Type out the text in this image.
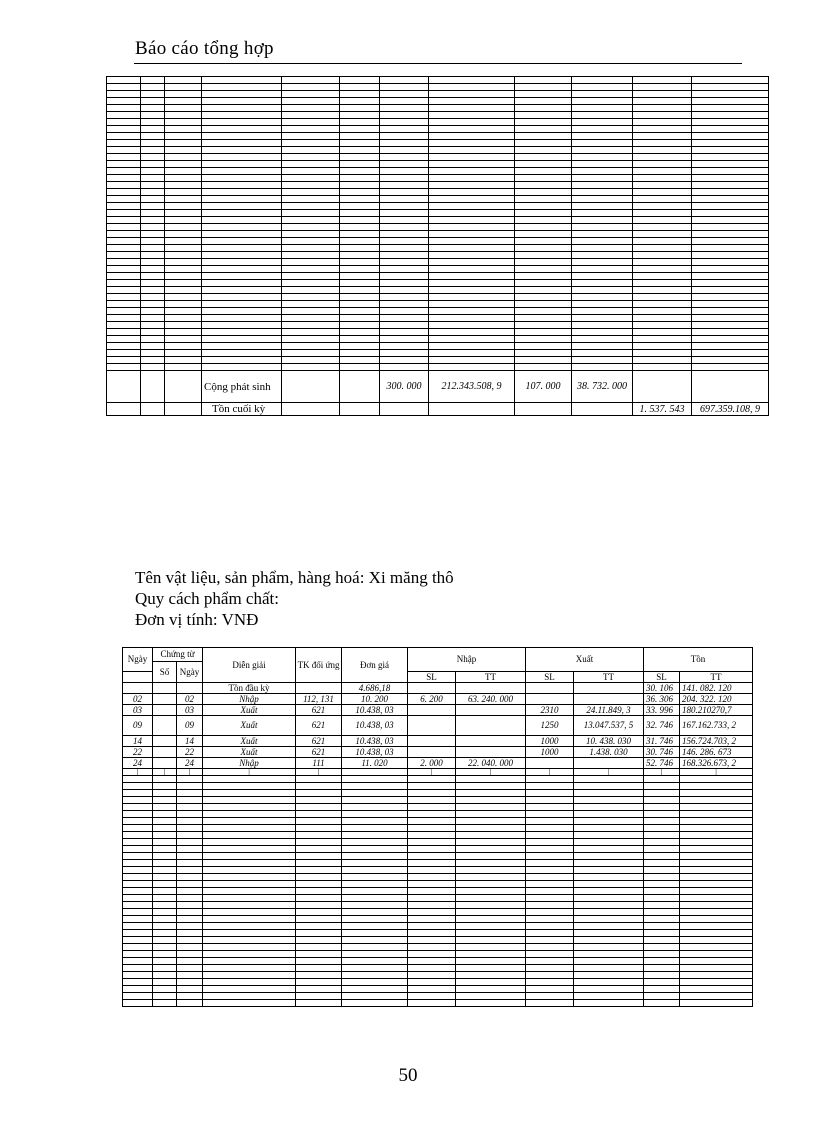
Báo cáo tổng hợp

			Cộng phát sinh			300. 000	212.343.508, 9	107. 000	38. 732. 000		
			Tồn cuối kỳ							1. 537. 543	697.359.108, 9
Tên vật liệu, sản phẩm, hàng hoá: Xi măng thô
Quy cách phẩm chất:
Đơn vị tính: VNĐ
Ngày	Chứng từ		Diễn giải	TK đối ứng	Đơn giá	Nhập		Xuất		Tồn	
	Số	Ngày									
						SL	TT	SL	TT	SL	TT
			Tồn đầu kỳ		4.686,18					30. 106	141. 082. 120
02		02	Nhập	112, 131	10. 200	6. 200	63. 240. 000			36. 306	204. 322. 120
03		03	Xuất	621	10.438, 03			2310	24.11.849, 3	33. 996	180.210270,7
09		09	Xuất	621	10.438, 03			1250	13.047.537, 5	32. 746	167.162.733, 2
14		14	Xuất	621	10.438, 03			1000	10. 438. 030	31. 746	156.724.703, 2
22		22	Xuất	621	10.438, 03			1000	1.438. 030	30. 746	146. 286. 673
24		24	Nhập	111	11. 020	2. 000	22. 040. 000			52. 746	168.326.673, 2
|	|	|	|	|		|	|	|	|	|	|

50
